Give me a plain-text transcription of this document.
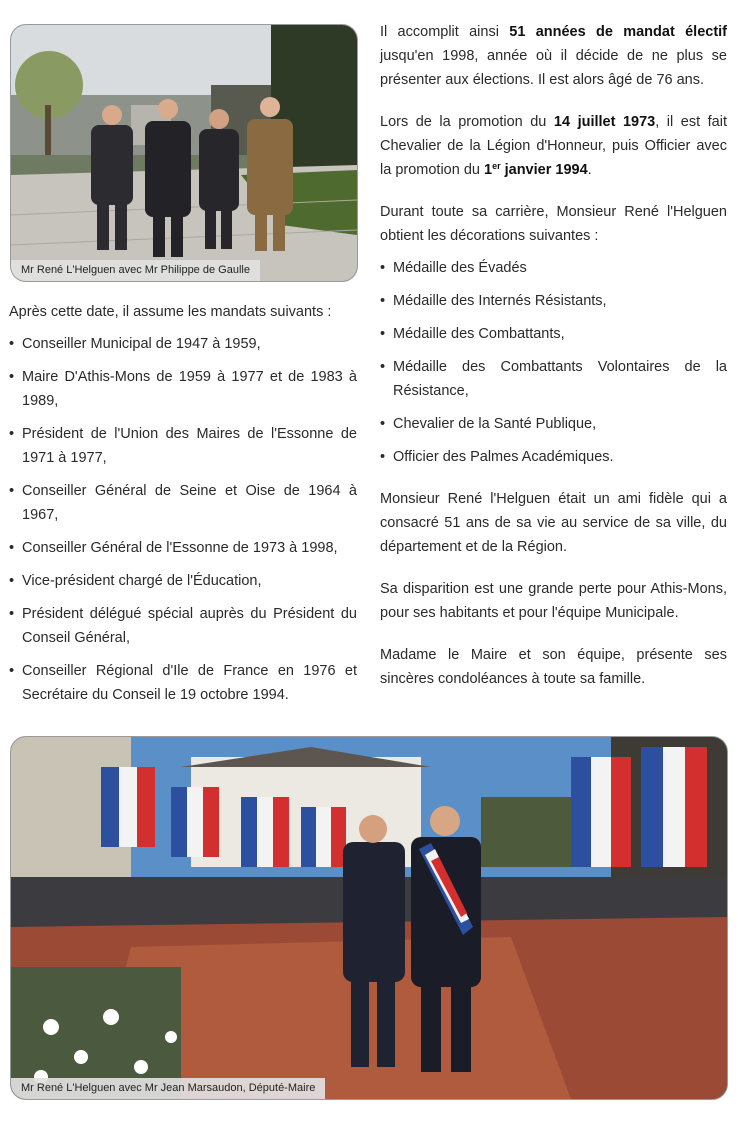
Mr René L'Helguen avec Mr Philippe de Gaulle

Après cette date, il assume les mandats suivants :

• Conseiller Municipal de 1947 à 1959,
• Maire D'Athis-Mons de 1959 à 1977 et de 1983 à 1989,
• Président de l'Union des Maires de l'Essonne de 1971 à 1977,
• Conseiller Général de Seine et Oise de 1964 à 1967,
• Conseiller Général de l'Essonne de 1973 à 1998,
• Vice-président chargé de l'Éducation,
• Président délégué spécial auprès du Président du Conseil Général,
• Conseiller Régional d'Ile de France en 1976 et Secrétaire du Conseil le 19 octobre 1994.

Il accomplit ainsi 51 années de mandat électif jusqu'en 1998, année où il décide de ne plus se présenter aux élections. Il est alors âgé de 76 ans.

Lors de la promotion du 14 juillet 1973, il est fait Chevalier de la Légion d'Honneur, puis Officier avec la promotion du 1er janvier 1994.

Durant toute sa carrière, Monsieur René l'Helguen obtient les décorations suivantes :

• Médaille des Évadés
• Médaille des Internés Résistants,
• Médaille des Combattants,
• Médaille des Combattants Volontaires de la Résistance,
• Chevalier de la Santé Publique,
• Officier des Palmes Académiques.

Monsieur René l'Helguen était un ami fidèle qui a consacré 51 ans de sa vie au service de sa ville, du département et de la Région.

Sa disparition est une grande perte pour Athis-Mons, pour ses habitants et pour l'équipe Municipale.

Madame le Maire et son équipe, présente ses sincères condoléances à toute sa famille.

Mr René L'Helguen avec Mr Jean Marsaudon, Député-Maire
